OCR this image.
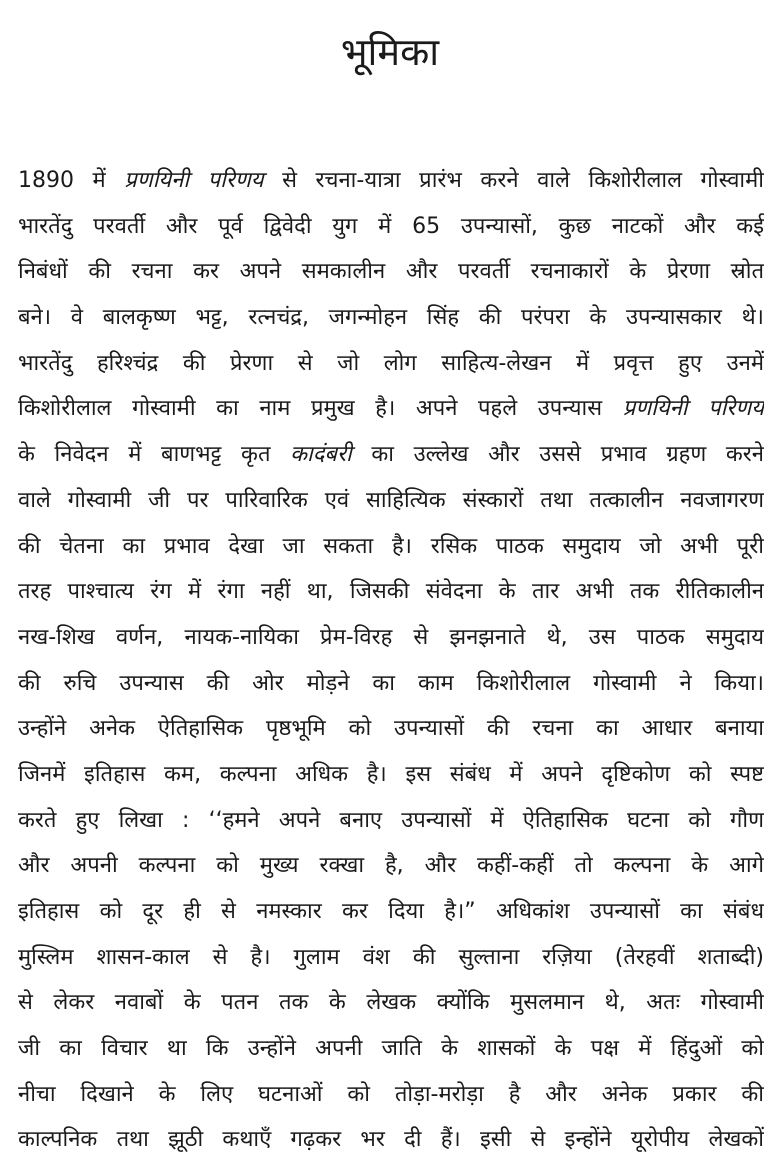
भूमिका
1890 में प्रणयिनी परिणय से रचना-यात्रा प्रारंभ करने वाले किशोरीलाल गोस्वामी
भारतेंदु परवर्ती और पूर्व द्विवेदी युग में 65 उपन्यासों, कुछ नाटकों और कई
निबंधों की रचना कर अपने समकालीन और परवर्ती रचनाकारों के प्रेरणा स्रोत
बने। वे बालकृष्ण भट्ट, रत्नचंद्र, जगन्मोहन सिंह की परंपरा के उपन्यासकार थे।
भारतेंदु हरिश्चंद्र की प्रेरणा से जो लोग साहित्य-लेखन में प्रवृत्त हुए उनमें
किशोरीलाल गोस्वामी का नाम प्रमुख है। अपने पहले उपन्यास प्रणयिनी परिणय
के निवेदन में बाणभट्ट कृत कादंबरी का उल्लेख और उससे प्रभाव ग्रहण करने
वाले गोस्वामी जी पर पारिवारिक एवं साहित्यिक संस्कारों तथा तत्कालीन नवजागरण
की चेतना का प्रभाव देखा जा सकता है। रसिक पाठक समुदाय जो अभी पूरी
तरह पाश्चात्य रंग में रंगा नहीं था, जिसकी संवेदना के तार अभी तक रीतिकालीन
नख-शिख वर्णन, नायक-नायिका प्रेम-विरह से झनझनाते थे, उस पाठक समुदाय
की रुचि उपन्यास की ओर मोड़ने का काम किशोरीलाल गोस्वामी ने किया।
उन्होंने अनेक ऐतिहासिक पृष्ठभूमि को उपन्यासों की रचना का आधार बनाया
जिनमें इतिहास कम, कल्पना अधिक है। इस संबंध में अपने दृष्टिकोण को स्पष्ट
करते हुए लिखा : ‘‘हमने अपने बनाए उपन्यासों में ऐतिहासिक घटना को गौण
और अपनी कल्पना को मुख्य रक्खा है, और कहीं-कहीं तो कल्पना के आगे
इतिहास को दूर ही से नमस्कार कर दिया है।” अधिकांश उपन्यासों का संबंध
मुस्लिम शासन-काल से है। गुलाम वंश की सुल्ताना रज़िया (तेरहवीं शताब्दी)
से लेकर नवाबों के पतन तक के लेखक क्योंकि मुसलमान थे, अतः गोस्वामी
जी का विचार था कि उन्होंने अपनी जाति के शासकों के पक्ष में हिंदुओं को
नीचा दिखाने के लिए घटनाओं को तोड़ा-मरोड़ा है और अनेक प्रकार की
काल्पनिक तथा झूठी कथाएँ गढ़कर भर दी हैं। इसी से इन्होंने यूरोपीय लेखकों
